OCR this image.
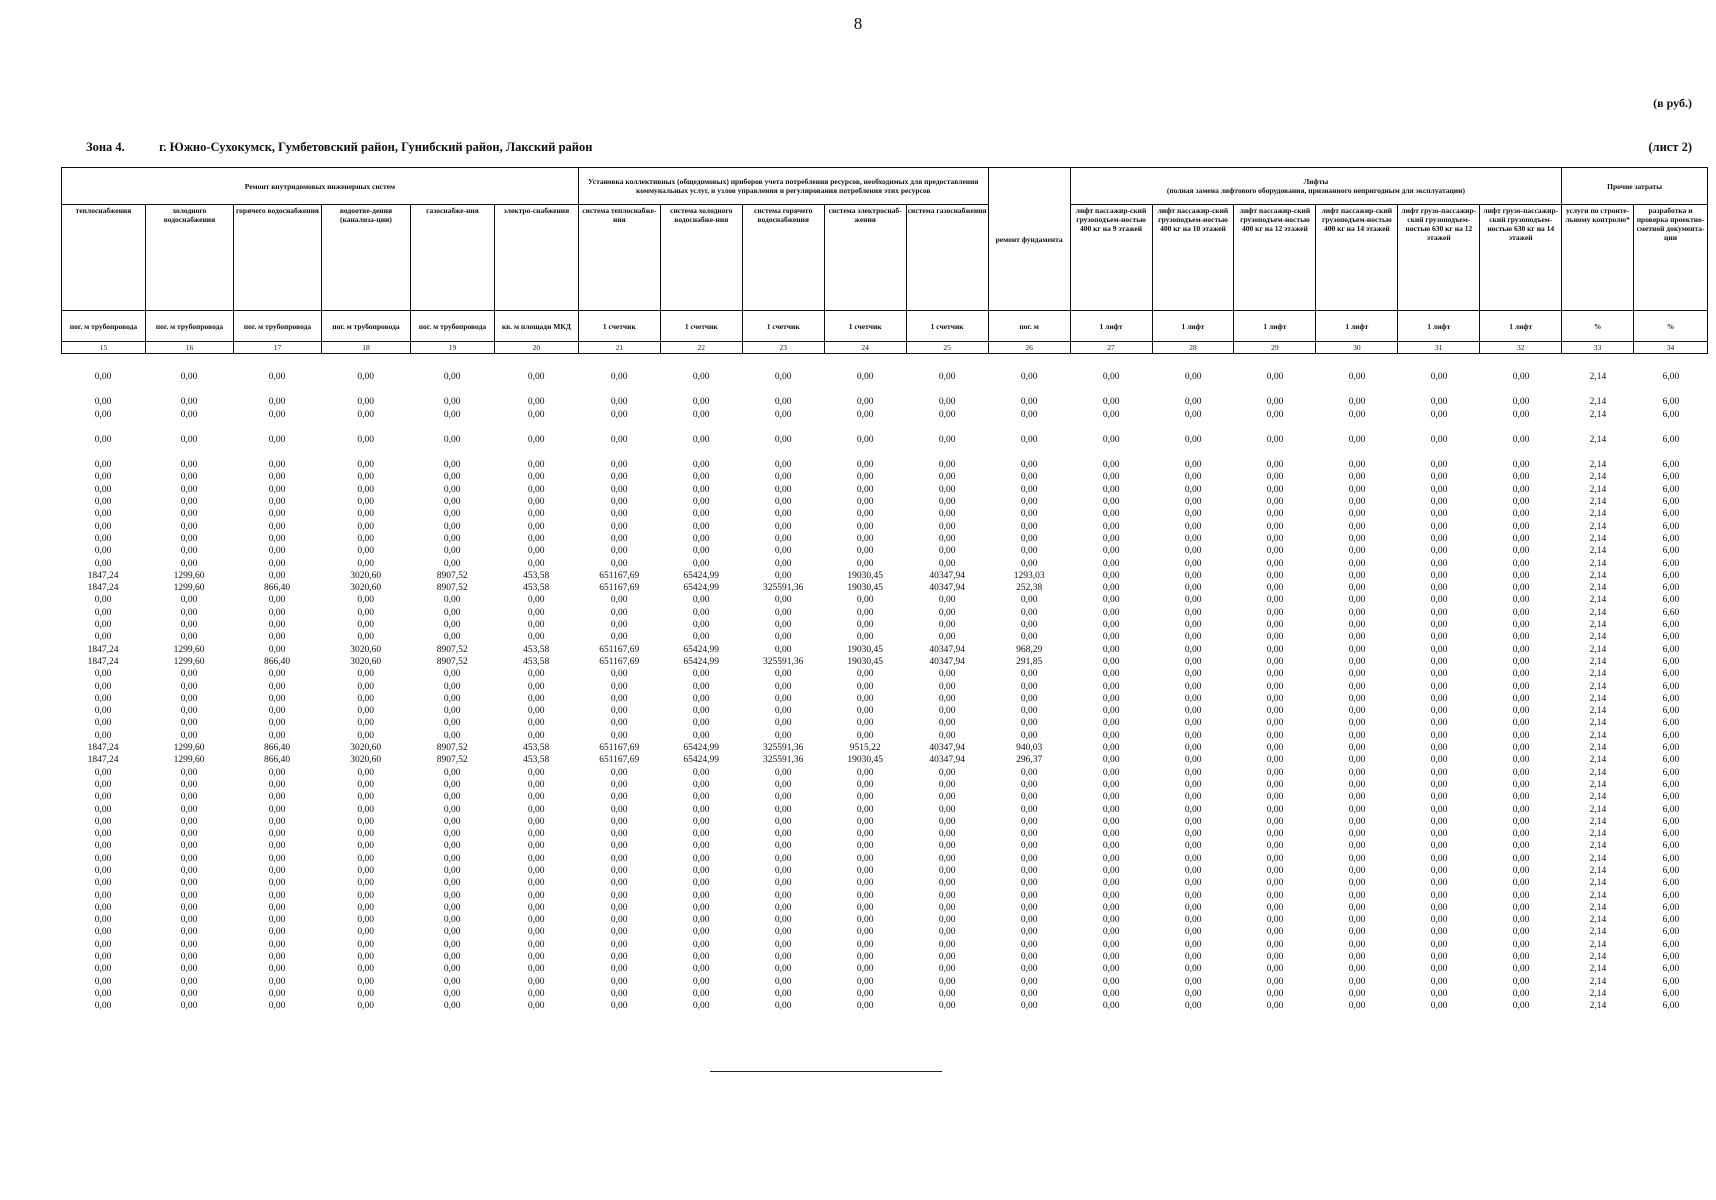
8
(в руб.)
Зона 4.	г. Южно-Сухокумск, Гумбетовский район, Гунибский район, Лакский район	(лист 2)
Ремонт внутридомовых инженерных систем						Установка коллективных (общедомовых) приборов учета потребления ресурсов, необходимых для предоставления коммунальных услуг, и узлов управления и регулирования потребления этих ресурсов					ремонт фундамента	Лифты
(полная замена лифтового оборудования, признанного непригодным для эксплуатации)						Прочие затраты	
теплоснабжения	холодного водоснабжения	горячего водоснабжения	водоотве-дения (канализа-ции)	газоснабже-ния	электро-снабжения	система теплоснабже-ния	система холодного водоснабже-ния	система горячего водоснабжения	система электроснаб-жения	система газоснабжения		лифт пассажир-ский грузоподъем-ностью 400 кг на 9 этажей	лифт пассажир-ский грузоподъем-ностью 400 кг на 10 этажей	лифт пассажир-ский грузоподъем-ностью 400 кг на 12 этажей	лифт пассажир-ский грузоподъем-ностью 400 кг на 14 этажей	лифт грузо-пассажир-ский грузоподъем-ностью 630 кг на 12 этажей	лифт грузо-пассажир-ский грузоподъем-ностью 630 кг на 14 этажей	услуги по строите-льному контролю*	разработка и проверка проектно-сметной документа-ции
пог. м трубопровода	пог. м трубопровода	пог. м трубопровода	пог. м трубопровода	пог. м трубопровода	кв. м площади МКД	1 счетчик	1 счетчик	1 счетчик	1 счетчик	1 счетчик	пог. м	1 лифт	1 лифт	1 лифт	1 лифт	1 лифт	1 лифт	%	%
15	16	17	18	19	20	21	22	23	24	25	26	27	28	29	30	31	32	33	34
0,00	0,00	0,00	0,00	0,00	0,00	0,00	0,00	0,00	0,00	0,00	0,00	0,00	0,00	0,00	0,00	0,00	0,00	2,14	6,00

0,00	0,00	0,00	0,00	0,00	0,00	0,00	0,00	0,00	0,00	0,00	0,00	0,00	0,00	0,00	0,00	0,00	0,00	2,14	6,00
0,00	0,00	0,00	0,00	0,00	0,00	0,00	0,00	0,00	0,00	0,00	0,00	0,00	0,00	0,00	0,00	0,00	0,00	2,14	6,00

0,00	0,00	0,00	0,00	0,00	0,00	0,00	0,00	0,00	0,00	0,00	0,00	0,00	0,00	0,00	0,00	0,00	0,00	2,14	6,00

0,00	0,00	0,00	0,00	0,00	0,00	0,00	0,00	0,00	0,00	0,00	0,00	0,00	0,00	0,00	0,00	0,00	0,00	2,14	6,00
0,00	0,00	0,00	0,00	0,00	0,00	0,00	0,00	0,00	0,00	0,00	0,00	0,00	0,00	0,00	0,00	0,00	0,00	2,14	6,00
0,00	0,00	0,00	0,00	0,00	0,00	0,00	0,00	0,00	0,00	0,00	0,00	0,00	0,00	0,00	0,00	0,00	0,00	2,14	6,00
0,00	0,00	0,00	0,00	0,00	0,00	0,00	0,00	0,00	0,00	0,00	0,00	0,00	0,00	0,00	0,00	0,00	0,00	2,14	6,00
0,00	0,00	0,00	0,00	0,00	0,00	0,00	0,00	0,00	0,00	0,00	0,00	0,00	0,00	0,00	0,00	0,00	0,00	2,14	6,00
0,00	0,00	0,00	0,00	0,00	0,00	0,00	0,00	0,00	0,00	0,00	0,00	0,00	0,00	0,00	0,00	0,00	0,00	2,14	6,00
0,00	0,00	0,00	0,00	0,00	0,00	0,00	0,00	0,00	0,00	0,00	0,00	0,00	0,00	0,00	0,00	0,00	0,00	2,14	6,00
0,00	0,00	0,00	0,00	0,00	0,00	0,00	0,00	0,00	0,00	0,00	0,00	0,00	0,00	0,00	0,00	0,00	0,00	2,14	6,00
0,00	0,00	0,00	0,00	0,00	0,00	0,00	0,00	0,00	0,00	0,00	0,00	0,00	0,00	0,00	0,00	0,00	0,00	2,14	6,00
1847,24	1299,60	0,00	3020,60	8907,52	453,58	651167,69	65424,99	0,00	19030,45	40347,94	1293,03	0,00	0,00	0,00	0,00	0,00	0,00	2,14	6,00
1847,24	1299,60	866,40	3020,60	8907,52	453,58	651167,69	65424,99	325591,36	19030,45	40347,94	252,38	0,00	0,00	0,00	0,00	0,00	0,00	2,14	6,00
0,00	0,00	0,00	0,00	0,00	0,00	0,00	0,00	0,00	0,00	0,00	0,00	0,00	0,00	0,00	0,00	0,00	0,00	2,14	6,00
0,00	0,00	0,00	0,00	0,00	0,00	0,00	0,00	0,00	0,00	0,00	0,00	0,00	0,00	0,00	0,00	0,00	0,00	2,14	6,60
0,00	0,00	0,00	0,00	0,00	0,00	0,00	0,00	0,00	0,00	0,00	0,00	0,00	0,00	0,00	0,00	0,00	0,00	2,14	6,00
0,00	0,00	0,00	0,00	0,00	0,00	0,00	0,00	0,00	0,00	0,00	0,00	0,00	0,00	0,00	0,00	0,00	0,00	2,14	6,00
1847,24	1299,60	0,00	3020,60	8907,52	453,58	651167,69	65424,99	0,00	19030,45	40347,94	968,29	0,00	0,00	0,00	0,00	0,00	0,00	2,14	6,00
1847,24	1299,60	866,40	3020,60	8907,52	453,58	651167,69	65424,99	325591,36	19030,45	40347,94	291,85	0,00	0,00	0,00	0,00	0,00	0,00	2,14	6,00
0,00	0,00	0,00	0,00	0,00	0,00	0,00	0,00	0,00	0,00	0,00	0,00	0,00	0,00	0,00	0,00	0,00	0,00	2,14	6,00
0,00	0,00	0,00	0,00	0,00	0,00	0,00	0,00	0,00	0,00	0,00	0,00	0,00	0,00	0,00	0,00	0,00	0,00	2,14	6,00
0,00	0,00	0,00	0,00	0,00	0,00	0,00	0,00	0,00	0,00	0,00	0,00	0,00	0,00	0,00	0,00	0,00	0,00	2,14	6,00
0,00	0,00	0,00	0,00	0,00	0,00	0,00	0,00	0,00	0,00	0,00	0,00	0,00	0,00	0,00	0,00	0,00	0,00	2,14	6,00
0,00	0,00	0,00	0,00	0,00	0,00	0,00	0,00	0,00	0,00	0,00	0,00	0,00	0,00	0,00	0,00	0,00	0,00	2,14	6,00
0,00	0,00	0,00	0,00	0,00	0,00	0,00	0,00	0,00	0,00	0,00	0,00	0,00	0,00	0,00	0,00	0,00	0,00	2,14	6,00
1847,24	1299,60	866,40	3020,60	8907,52	453,58	651167,69	65424,99	325591,36	9515,22	40347,94	940,03	0,00	0,00	0,00	0,00	0,00	0,00	2,14	6,00
1847,24	1299,60	866,40	3020,60	8907,52	453,58	651167,69	65424,99	325591,36	19030,45	40347,94	296,37	0,00	0,00	0,00	0,00	0,00	0,00	2,14	6,00
0,00	0,00	0,00	0,00	0,00	0,00	0,00	0,00	0,00	0,00	0,00	0,00	0,00	0,00	0,00	0,00	0,00	0,00	2,14	6,00
0,00	0,00	0,00	0,00	0,00	0,00	0,00	0,00	0,00	0,00	0,00	0,00	0,00	0,00	0,00	0,00	0,00	0,00	2,14	6,00
0,00	0,00	0,00	0,00	0,00	0,00	0,00	0,00	0,00	0,00	0,00	0,00	0,00	0,00	0,00	0,00	0,00	0,00	2,14	6,00
0,00	0,00	0,00	0,00	0,00	0,00	0,00	0,00	0,00	0,00	0,00	0,00	0,00	0,00	0,00	0,00	0,00	0,00	2,14	6,00
0,00	0,00	0,00	0,00	0,00	0,00	0,00	0,00	0,00	0,00	0,00	0,00	0,00	0,00	0,00	0,00	0,00	0,00	2,14	6,00
0,00	0,00	0,00	0,00	0,00	0,00	0,00	0,00	0,00	0,00	0,00	0,00	0,00	0,00	0,00	0,00	0,00	0,00	2,14	6,00
0,00	0,00	0,00	0,00	0,00	0,00	0,00	0,00	0,00	0,00	0,00	0,00	0,00	0,00	0,00	0,00	0,00	0,00	2,14	6,00
0,00	0,00	0,00	0,00	0,00	0,00	0,00	0,00	0,00	0,00	0,00	0,00	0,00	0,00	0,00	0,00	0,00	0,00	2,14	6,00
0,00	0,00	0,00	0,00	0,00	0,00	0,00	0,00	0,00	0,00	0,00	0,00	0,00	0,00	0,00	0,00	0,00	0,00	2,14	6,00
0,00	0,00	0,00	0,00	0,00	0,00	0,00	0,00	0,00	0,00	0,00	0,00	0,00	0,00	0,00	0,00	0,00	0,00	2,14	6,00
0,00	0,00	0,00	0,00	0,00	0,00	0,00	0,00	0,00	0,00	0,00	0,00	0,00	0,00	0,00	0,00	0,00	0,00	2,14	6,00
0,00	0,00	0,00	0,00	0,00	0,00	0,00	0,00	0,00	0,00	0,00	0,00	0,00	0,00	0,00	0,00	0,00	0,00	2,14	6,00
0,00	0,00	0,00	0,00	0,00	0,00	0,00	0,00	0,00	0,00	0,00	0,00	0,00	0,00	0,00	0,00	0,00	0,00	2,14	6,00
0,00	0,00	0,00	0,00	0,00	0,00	0,00	0,00	0,00	0,00	0,00	0,00	0,00	0,00	0,00	0,00	0,00	0,00	2,14	6,00
0,00	0,00	0,00	0,00	0,00	0,00	0,00	0,00	0,00	0,00	0,00	0,00	0,00	0,00	0,00	0,00	0,00	0,00	2,14	6,00
0,00	0,00	0,00	0,00	0,00	0,00	0,00	0,00	0,00	0,00	0,00	0,00	0,00	0,00	0,00	0,00	0,00	0,00	2,14	6,00
0,00	0,00	0,00	0,00	0,00	0,00	0,00	0,00	0,00	0,00	0,00	0,00	0,00	0,00	0,00	0,00	0,00	0,00	2,14	6,00
0,00	0,00	0,00	0,00	0,00	0,00	0,00	0,00	0,00	0,00	0,00	0,00	0,00	0,00	0,00	0,00	0,00	0,00	2,14	6,00
0,00	0,00	0,00	0,00	0,00	0,00	0,00	0,00	0,00	0,00	0,00	0,00	0,00	0,00	0,00	0,00	0,00	0,00	2,14	6,00
0,00	0,00	0,00	0,00	0,00	0,00	0,00	0,00	0,00	0,00	0,00	0,00	0,00	0,00	0,00	0,00	0,00	0,00	2,14	6,00
